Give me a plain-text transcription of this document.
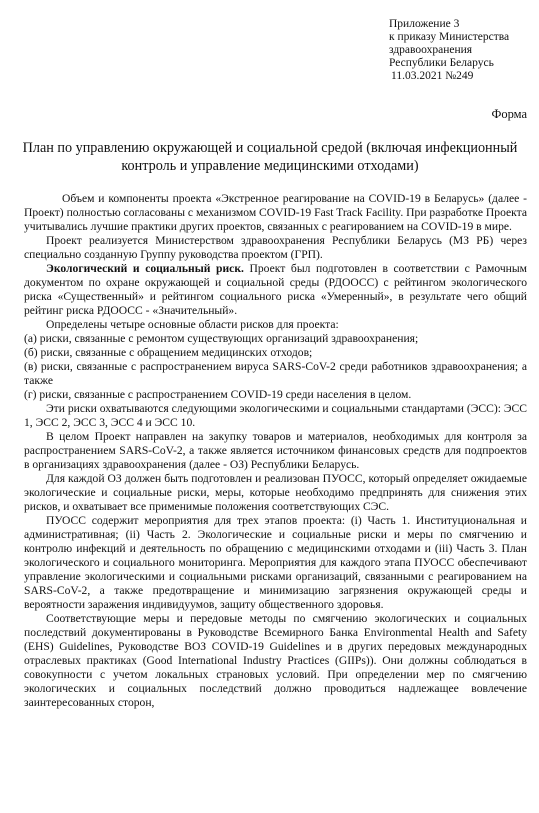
Приложение 3
к приказу Министерства
здравоохранения
Республики Беларусь
11.03.2021 №249
Форма
План по управлению окружающей и социальной средой (включая инфекционный контроль и управление медицинскими отходами)

Объем и компоненты проекта «Экстренное реагирование на COVID-19 в Беларусь» (далее - Проект) полностью согласованы с механизмом COVID-19 Fast Track Facility. При разработке Проекта учитывались лучшие практики других проектов, связанных с реагированием на COVID-19 в мире.

Проект реализуется Министерством здравоохранения Республики Беларусь (МЗ РБ) через специально созданную Группу руководства проектом (ГРП).

Экологический и социальный риск. Проект был подготовлен в соответствии с Рамочным документом по охране окружающей и социальной среды (РДООСС) с рейтингом экологического риска «Существенный» и рейтингом социального риска «Умеренный», в результате чего общий рейтинг риска РДООСС - «Значительный».

Определены четыре основные области рисков для проекта:

(а) риски, связанные с ремонтом существующих организаций здравоохранения;

(б) риски, связанные с обращением медицинских отходов;

(в) риски, связанные с распространением вируса SARS-CoV-2 среди работников здравоохранения; а также

(г) риски, связанные с распространением COVID-19 среди населения в целом.

Эти риски охватываются следующими экологическими и социальными стандартами (ЭСС): ЭСС 1, ЭСС 2, ЭСС 3, ЭСС 4 и ЭСС 10.

В целом Проект направлен на закупку товаров и материалов, необходимых для контроля за распространением SARS-CoV-2, а также является источником финансовых средств для подпроектов в организациях здравоохранения (далее - ОЗ) Республики Беларусь.

Для каждой ОЗ должен быть подготовлен и реализован ПУОСС, который определяет ожидаемые экологические и социальные риски, меры, которые необходимо предпринять для снижения этих рисков, и охватывает все применимые положения соответствующих СЭС.

ПУОСС содержит мероприятия для трех этапов проекта: (i) Часть 1. Институциональная и административная; (ii) Часть 2. Экологические и социальные риски и меры по смягчению и контролю инфекций и деятельность по обращению с медицинскими отходами и (iii) Часть 3. План экологического и социального мониторинга. Мероприятия для каждого этапа ПУОСС обеспечивают управление экологическими и социальными рисками организаций, связанными с реагированием на SARS-CoV-2, а также предотвращение и минимизацию загрязнения окружающей среды и вероятности заражения индивидуумов, защиту общественного здоровья.

Соответствующие меры и передовые методы по смягчению экологических и социальных последствий документированы в Руководстве Всемирного Банка Environmental Health and Safety (EHS) Guidelines, Руководстве ВОЗ COVID-19 Guidelines и в других передовых международных отраслевых практиках (Good International Industry Practices (GIIPs)). Они должны соблюдаться в совокупности с учетом локальных страновых условий. При определении мер по смягчению экологических и социальных последствий должно проводиться надлежащее вовлечение заинтересованных сторон,
